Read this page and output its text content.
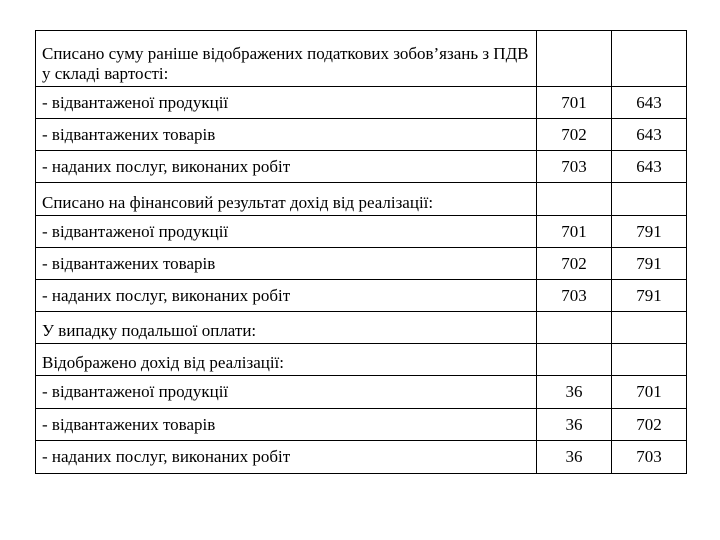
Списано суму раніше відображених податкових зобов’язань з ПДВ у складі вартості:		
- відвантаженої продукції	701	643
- відвантажених товарів	702	643
- наданих послуг, виконаних робіт	703	643
Списано на фінансовий результат дохід від реалізації:		
- відвантаженої продукції	701	791
- відвантажених товарів	702	791
- наданих послуг, виконаних робіт	703	791
У випадку подальшої оплати:		
Відображено дохід від реалізації:		
- відвантаженої продукції	36	701
- відвантажених товарів	36	702
- наданих послуг, виконаних робіт	36	703
